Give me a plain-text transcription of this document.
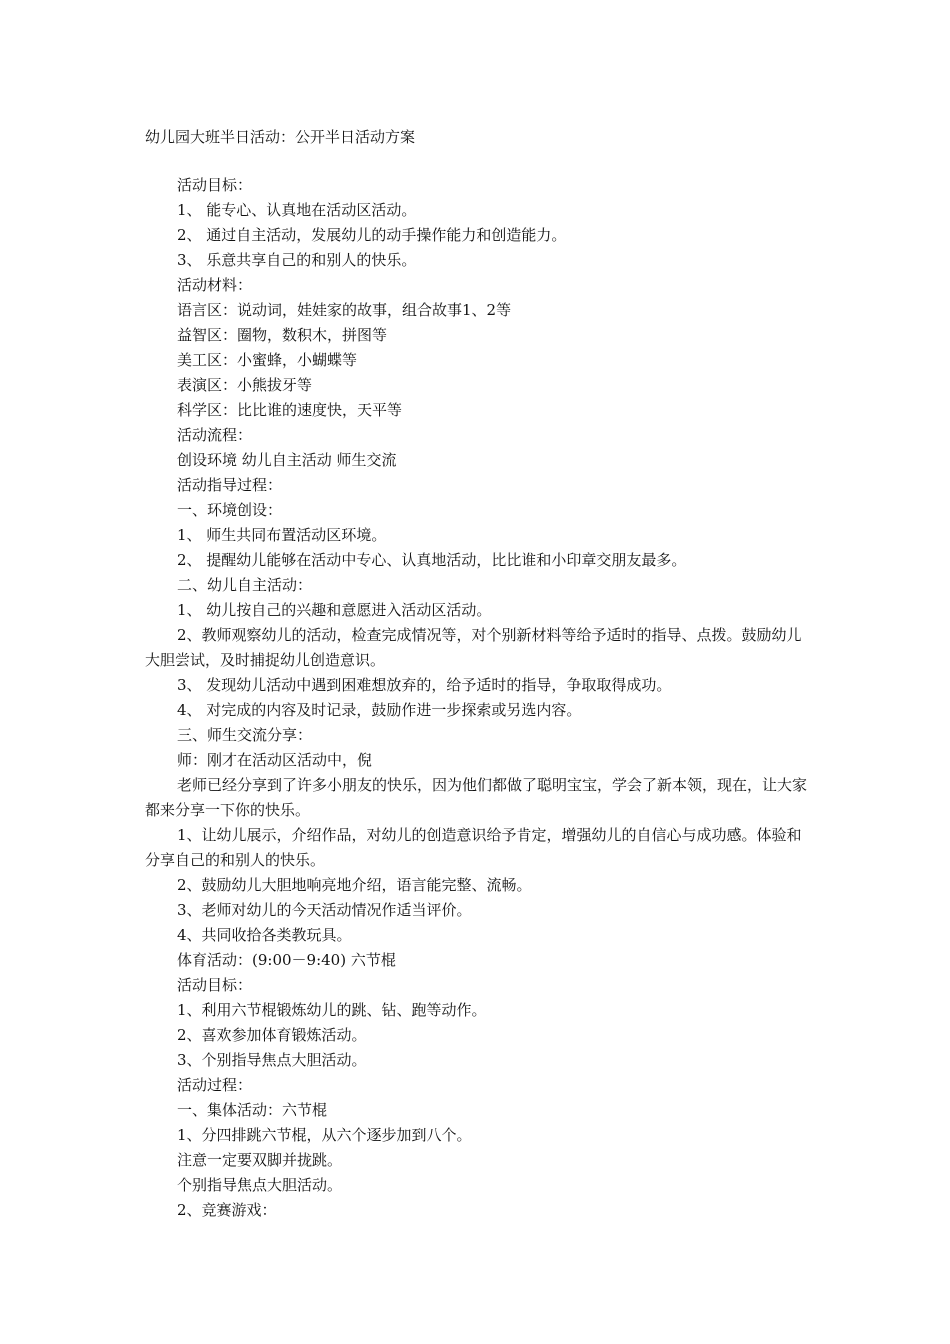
幼儿园大班半日活动：公开半日活动方案

活动目标：

1、 能专心、认真地在活动区活动。

2、 通过自主活动，发展幼儿的动手操作能力和创造能力。

3、 乐意共享自己的和别人的快乐。

活动材料：

语言区：说动词，娃娃家的故事，组合故事1、2等

益智区：圈物，数积木，拼图等

美工区：小蜜蜂，小蝴蝶等

表演区：小熊拔牙等

科学区：比比谁的速度快，天平等

活动流程：

创设环境 幼儿自主活动 师生交流

活动指导过程：

一、环境创设：

1、 师生共同布置活动区环境。

2、 提醒幼儿能够在活动中专心、认真地活动，比比谁和小印章交朋友最多。

二、幼儿自主活动：

1、 幼儿按自己的兴趣和意愿进入活动区活动。

2、教师观察幼儿的活动，检查完成情况等，对个别新材料等给予适时的指导、点拨。鼓励幼儿大胆尝试，及时捕捉幼儿创造意识。

3、 发现幼儿活动中遇到困难想放弃的，给予适时的指导，争取取得成功。

4、 对完成的内容及时记录，鼓励作进一步探索或另选内容。

三、师生交流分享：

师：刚才在活动区活动中，倪

老师已经分享到了许多小朋友的快乐，因为他们都做了聪明宝宝，学会了新本领，现在，让大家都来分享一下你的快乐。

1、让幼儿展示，介绍作品，对幼儿的创造意识给予肯定，增强幼儿的自信心与成功感。体验和分享自己的和别人的快乐。

2、鼓励幼儿大胆地响亮地介绍，语言能完整、流畅。

3、老师对幼儿的今天活动情况作适当评价。

4、共同收拾各类教玩具。

体育活动：(9:00－9:40) 六节棍

活动目标：

1、利用六节棍锻炼幼儿的跳、钻、跑等动作。

2、喜欢参加体育锻炼活动。

3、个别指导焦点大胆活动。

活动过程：

一、集体活动：六节棍

1、分四排跳六节棍，从六个逐步加到八个。

注意一定要双脚并拢跳。

个别指导焦点大胆活动。

2、竞赛游戏：
